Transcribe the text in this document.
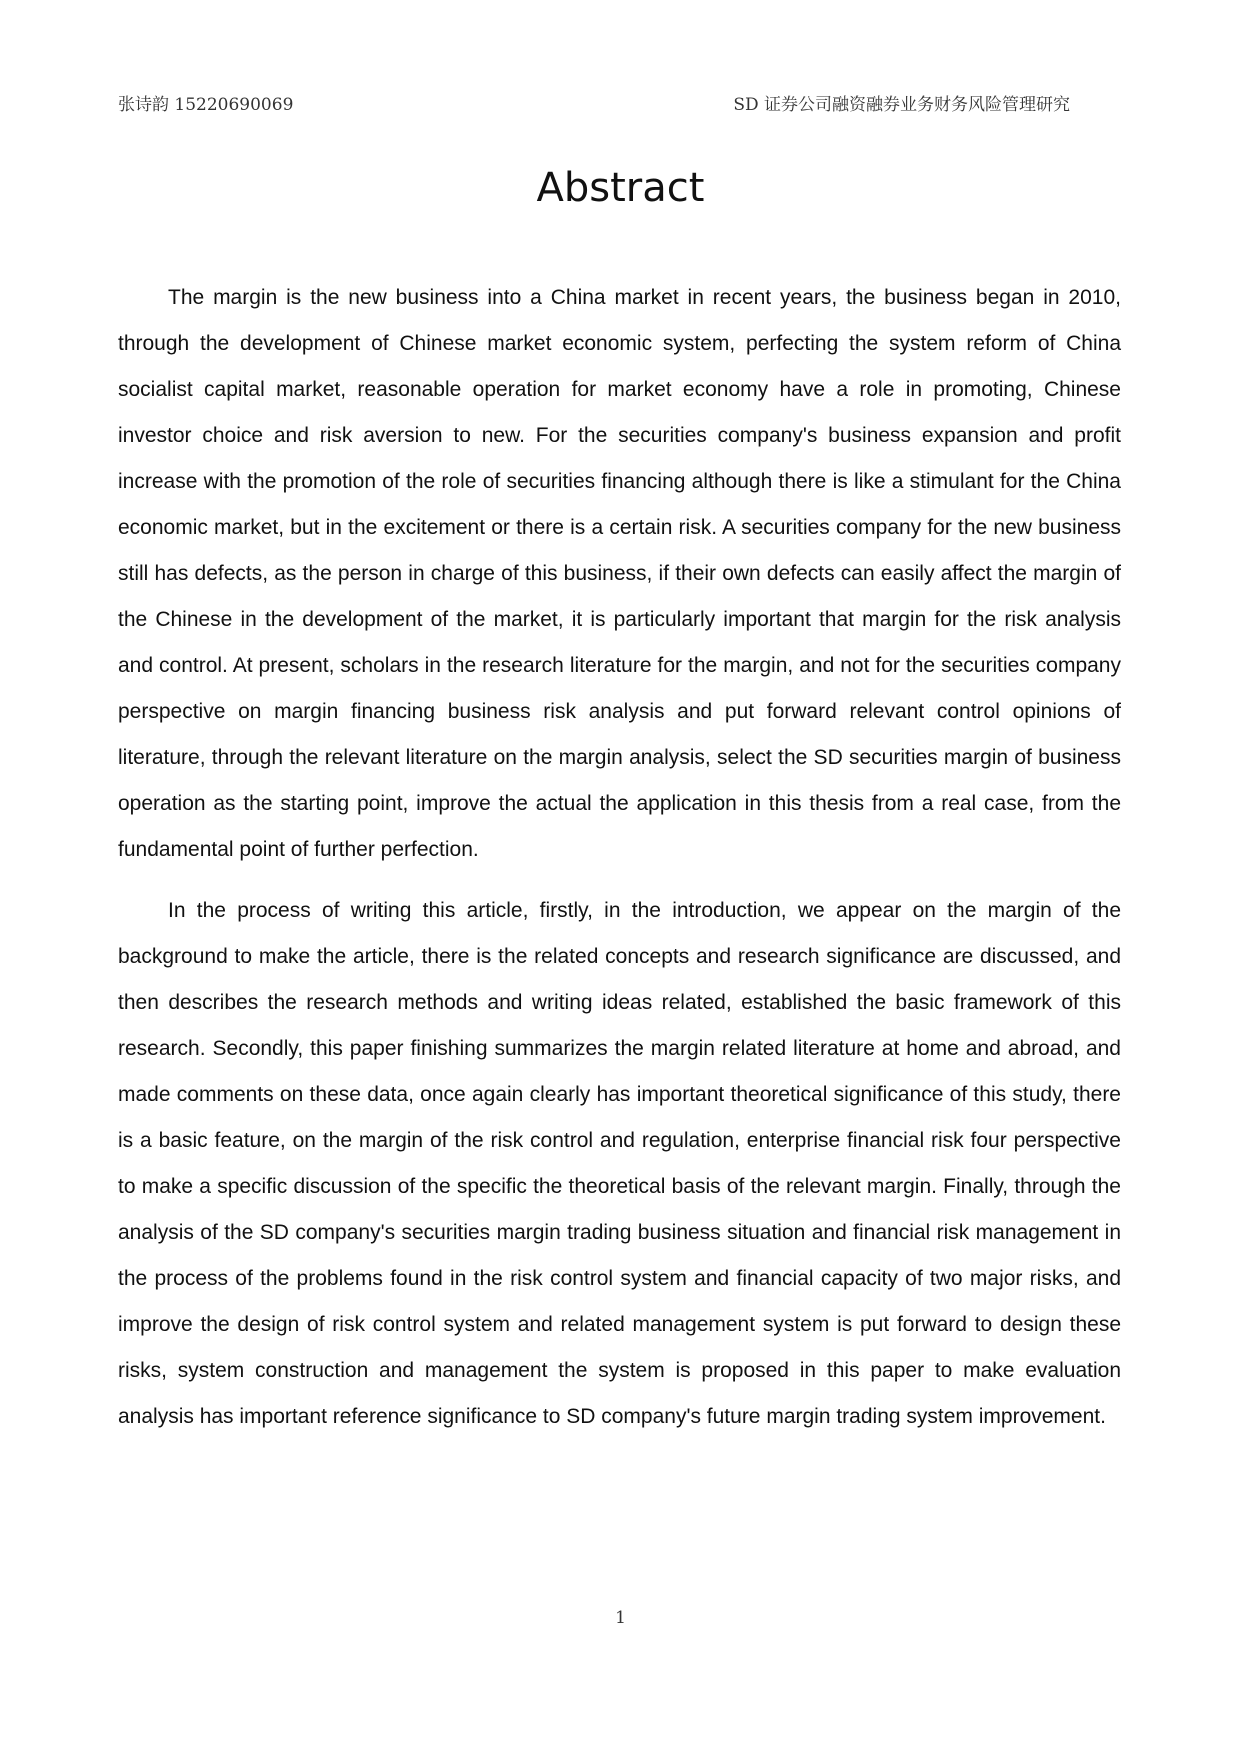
张诗韵 15220690069	SD 证券公司融资融券业务财务风险管理研究
Abstract

The margin is the new business into a China market in recent years, the business began in 2010, through the development of Chinese market economic system, perfecting the system reform of China socialist capital market, reasonable operation for market economy have a role in promoting, Chinese investor choice and risk aversion to new. For the securities company's business expansion and profit increase with the promotion of the role of securities financing although there is like a stimulant for the China economic market, but in the excitement or there is a certain risk. A securities company for the new business still has defects, as the person in charge of this business, if their own defects can easily affect the margin of the Chinese in the development of the market, it is particularly important that margin for the risk analysis and control. At present, scholars in the research literature for the margin, and not for the securities company perspective on margin financing business risk analysis and put forward relevant control opinions of literature, through the relevant literature on the margin analysis, select the SD securities margin of business operation as the starting point, improve the actual the application in this thesis from a real case, from the fundamental point of further perfection.

In the process of writing this article, firstly, in the introduction, we appear on the margin of the background to make the article, there is the related concepts and research significance are discussed, and then describes the research methods and writing ideas related, established the basic framework of this research. Secondly, this paper finishing summarizes the margin related literature at home and abroad, and made comments on these data, once again clearly has important theoretical significance of this study, there is a basic feature, on the margin of the risk control and regulation, enterprise financial risk four perspective to make a specific discussion of the specific the theoretical basis of the relevant margin. Finally, through the analysis of the SD company's securities margin trading business situation and financial risk management in the process of the problems found in the risk control system and financial capacity of two major risks, and improve the design of risk control system and related management system is put forward to design these risks, system construction and management the system is proposed in this paper to make evaluation analysis has important reference significance to SD company's future margin trading system improvement.

1
